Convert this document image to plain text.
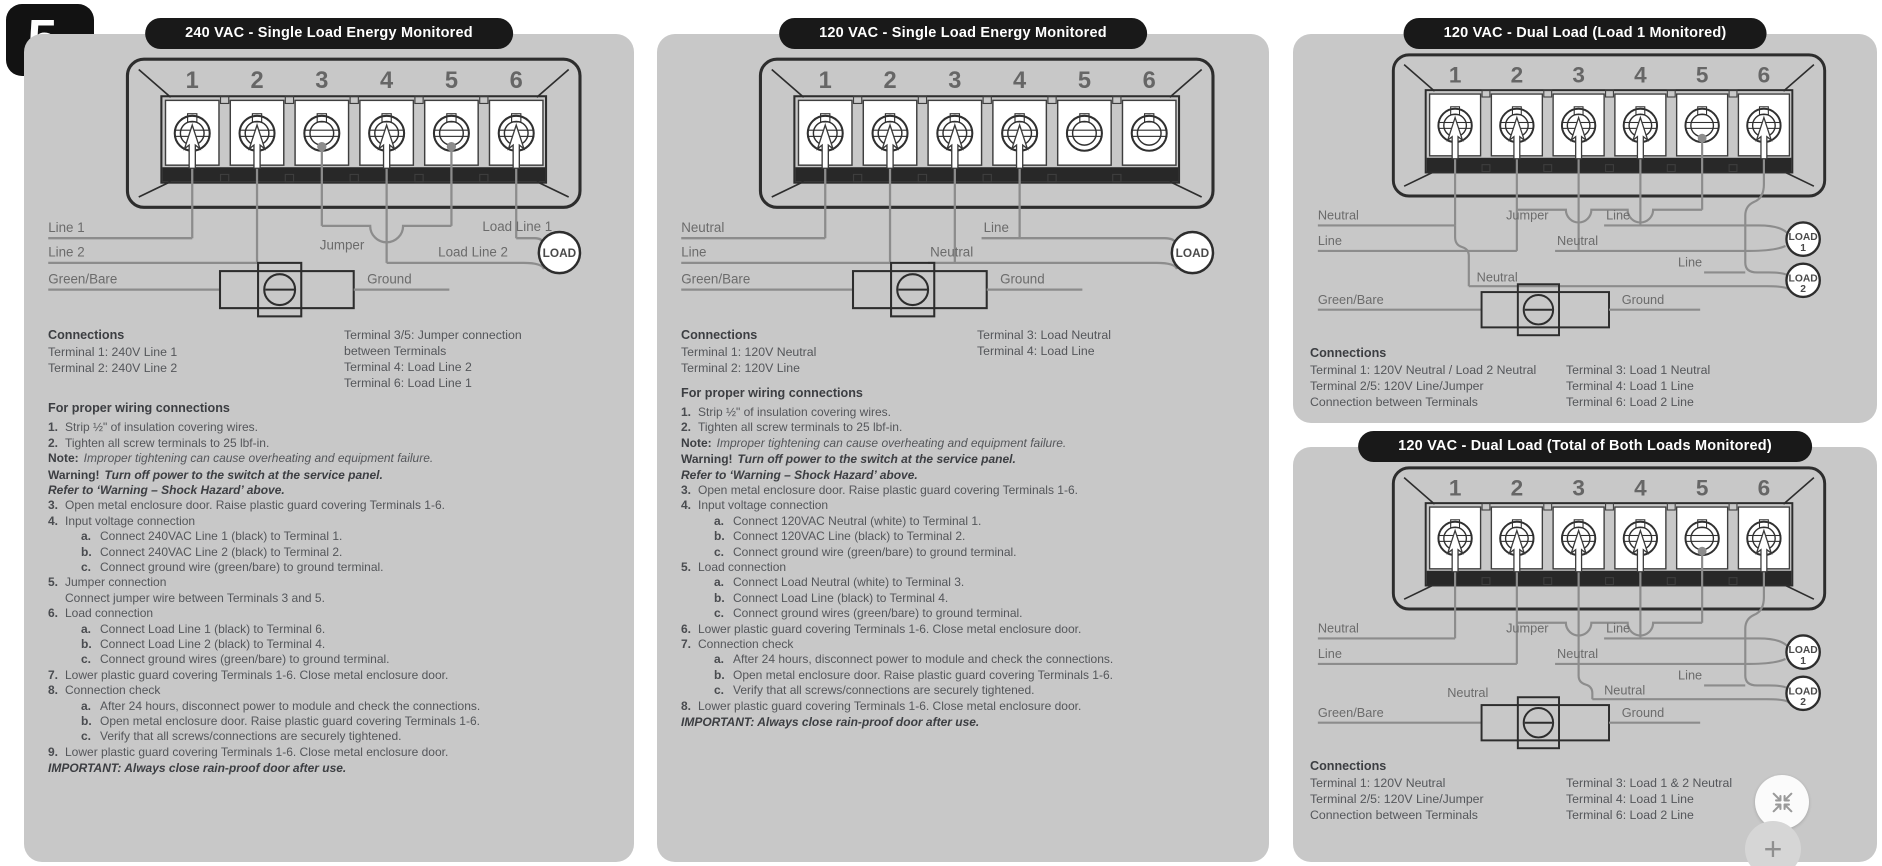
240 VAC - Single Load Energy Monitored
1 2 3 4 5 6
Line 1
Line 2	Jumper	Load Line 2
Load Line 1
Green/Bare	Ground
LOAD
Connections
Terminal 1: 240V Line 1
Terminal 2: 240V Line 2
Terminal 3/5: Jumper connection between Terminals
Terminal 4: Load Line 2
Terminal 6: Load Line 1
For proper wiring connections
1. Strip ½" of insulation covering wires.
2. Tighten all screw terminals to 25 lbf-in.
Note: Improper tightening can cause overheating and equipment failure.
Warning! Turn off power to the switch at the service panel.
Refer to ‘Warning – Shock Hazard’ above.
3. Open metal enclosure door. Raise plastic guard covering Terminals 1-6.
4. Input voltage connection
a. Connect 240VAC Line 1 (black) to Terminal 1.
b. Connect 240VAC Line 2 (black) to Terminal 2.
c. Connect ground wire (green/bare) to ground terminal.
5. Jumper connection
Connect jumper wire between Terminals 3 and 5.
6. Load connection
a. Connect Load Line 1 (black) to Terminal 6.
b. Connect Load Line 2 (black) to Terminal 4.
c. Connect ground wires (green/bare) to ground terminal.
7. Lower plastic guard covering Terminals 1-6. Close metal enclosure door.
8. Connection check
a. After 24 hours, disconnect power to module and check the connections.
b. Open metal enclosure door. Raise plastic guard covering Terminals 1-6.
c. Verify that all screws/connections are securely tightened.
9. Lower plastic guard covering Terminals 1-6. Close metal enclosure door.
IMPORTANT: Always close rain-proof door after use.
120 VAC - Single Load Energy Monitored
1 2 3 4 5 6
Neutral
Line	Neutral
Line
Green/Bare	Ground
LOAD
Connections
Terminal 1: 120V Neutral
Terminal 2: 120V Line
Terminal 3: Load Neutral
Terminal 4: Load Line
For proper wiring connections
1. Strip ½" of insulation covering wires.
2. Tighten all screw terminals to 25 lbf-in.
Note: Improper tightening can cause overheating and equipment failure.
Warning! Turn off power to the switch at the service panel.
Refer to ‘Warning – Shock Hazard’ above.
3. Open metal enclosure door. Raise plastic guard covering Terminals 1-6.
4. Input voltage connection
a. Connect 120VAC Neutral (white) to Terminal 1.
b. Connect 120VAC Line (black) to Terminal 2.
c. Connect ground wire (green/bare) to ground terminal.
5. Load connection
a. Connect Load Neutral (white) to Terminal 3.
b. Connect Load Line (black) to Terminal 4.
c. Connect ground wires (green/bare) to ground terminal.
6. Lower plastic guard covering Terminals 1-6. Close metal enclosure door.
7. Connection check
a. After 24 hours, disconnect power to module and check the connections.
b. Open metal enclosure door. Raise plastic guard covering Terminals 1-6.
c. Verify that all screws/connections are securely tightened.
8. Lower plastic guard covering Terminals 1-6. Close metal enclosure door.
IMPORTANT: Always close rain-proof door after use.
120 VAC - Dual Load (Load 1 Monitored)
1 2 3 4 5 6
Neutral
Line
Jumper	Line
Neutral
Line
Neutral
Green/Bare	Ground
LOAD
1
LOAD
2
Connections
Terminal 1: 120V Neutral / Load 2 Neutral
Terminal 2/5: 120V Line/Jumper
Connection between Terminals
Terminal 3: Load 1 Neutral
Terminal 4: Load 1 Line
Terminal 6: Load 2 Line
120 VAC - Dual Load (Total of Both Loads Monitored)
1 2 3 4 5 6
Neutral
Line
Jumper	Line
Neutral
Line
Neutral
Neutral
Green/Bare	Ground
LOAD
1
LOAD
2
Connections
Terminal 1: 120V Neutral
Terminal 2/5: 120V Line/Jumper
Connection between Terminals
Terminal 3: Load 1 & 2 Neutral
Terminal 4: Load 1 Line
Terminal 6: Load 2 Line
+
